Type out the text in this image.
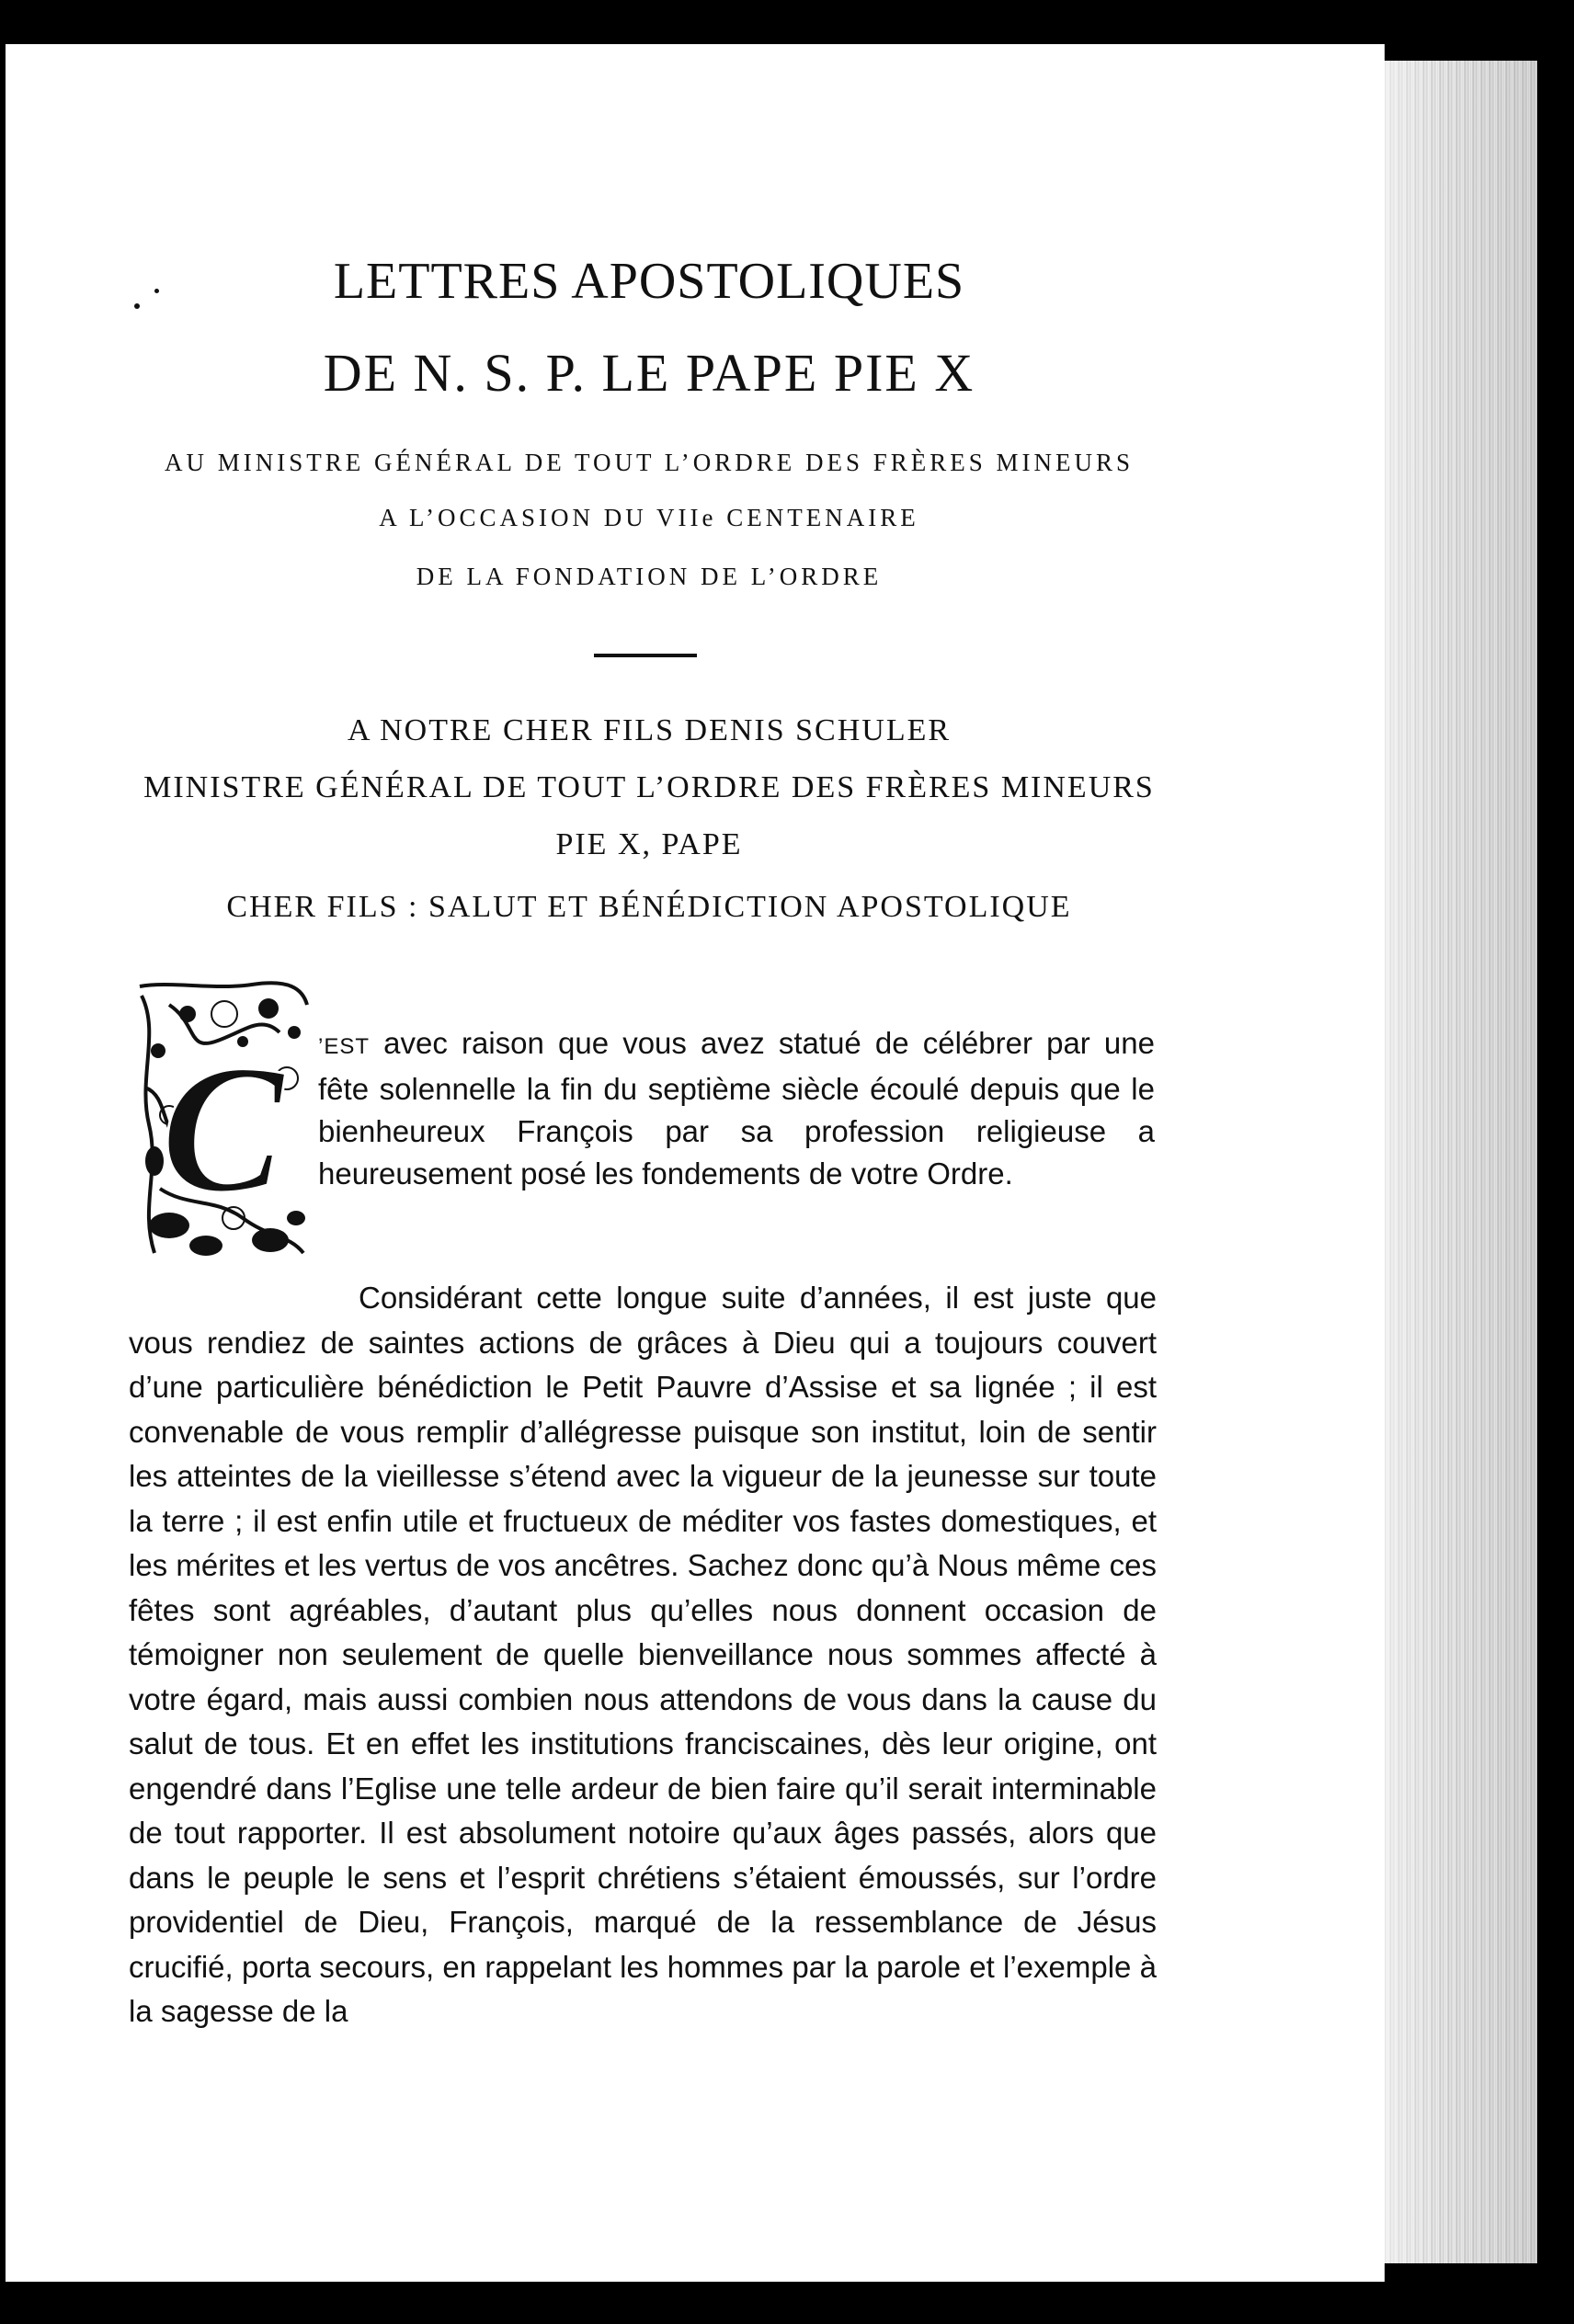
LETTRES APOSTOLIQUES
DE N. S. P. LE PAPE PIE X
AU MINISTRE GÉNÉRAL DE TOUT L’ORDRE DES FRÈRES MINEURS
A L’OCCASION DU VIIe CENTENAIRE
DE LA FONDATION DE L’ORDRE
A NOTRE CHER FILS DENIS SCHULER
MINISTRE GÉNÉRAL DE TOUT L’ORDRE DES FRÈRES MINEURS
PIE X, PAPE
CHER FILS : SALUT ET BÉNÉDICTION APOSTOLIQUE
C ’EST avec raison que vous avez statué de célébrer par une fête solennelle la fin du septième siècle écoulé depuis que le bienheureux François par sa profession religieuse a heureusement posé les fondements de votre Ordre.
Considérant cette longue suite d’années, il est juste que vous rendiez de saintes actions de grâces à Dieu qui a toujours couvert d’une particulière bénédiction le Petit Pauvre d’Assise et sa lignée ; il est convenable de vous remplir d’allégresse puisque son institut, loin de sentir les atteintes de la vieillesse s’étend avec la vigueur de la jeunesse sur toute la terre ; il est enfin utile et fructueux de méditer vos fastes domestiques, et les mérites et les vertus de vos ancêtres. Sachez donc qu’à Nous même ces fêtes sont agréables, d’autant plus qu’elles nous donnent occasion de témoigner non seulement de quelle bienveillance nous sommes affecté à votre égard, mais aussi combien nous attendons de vous dans la cause du salut de tous. Et en effet les institutions franciscaines, dès leur origine, ont engendré dans l’Eglise une telle ardeur de bien faire qu’il serait interminable de tout rapporter. Il est absolument notoire qu’aux âges passés, alors que dans le peuple le sens et l’esprit chrétiens s’étaient émoussés, sur l’ordre providentiel de Dieu, François, marqué de la ressemblance de Jésus crucifié, porta secours, en rappelant les hommes par la parole et l’exemple à la sagesse de la
